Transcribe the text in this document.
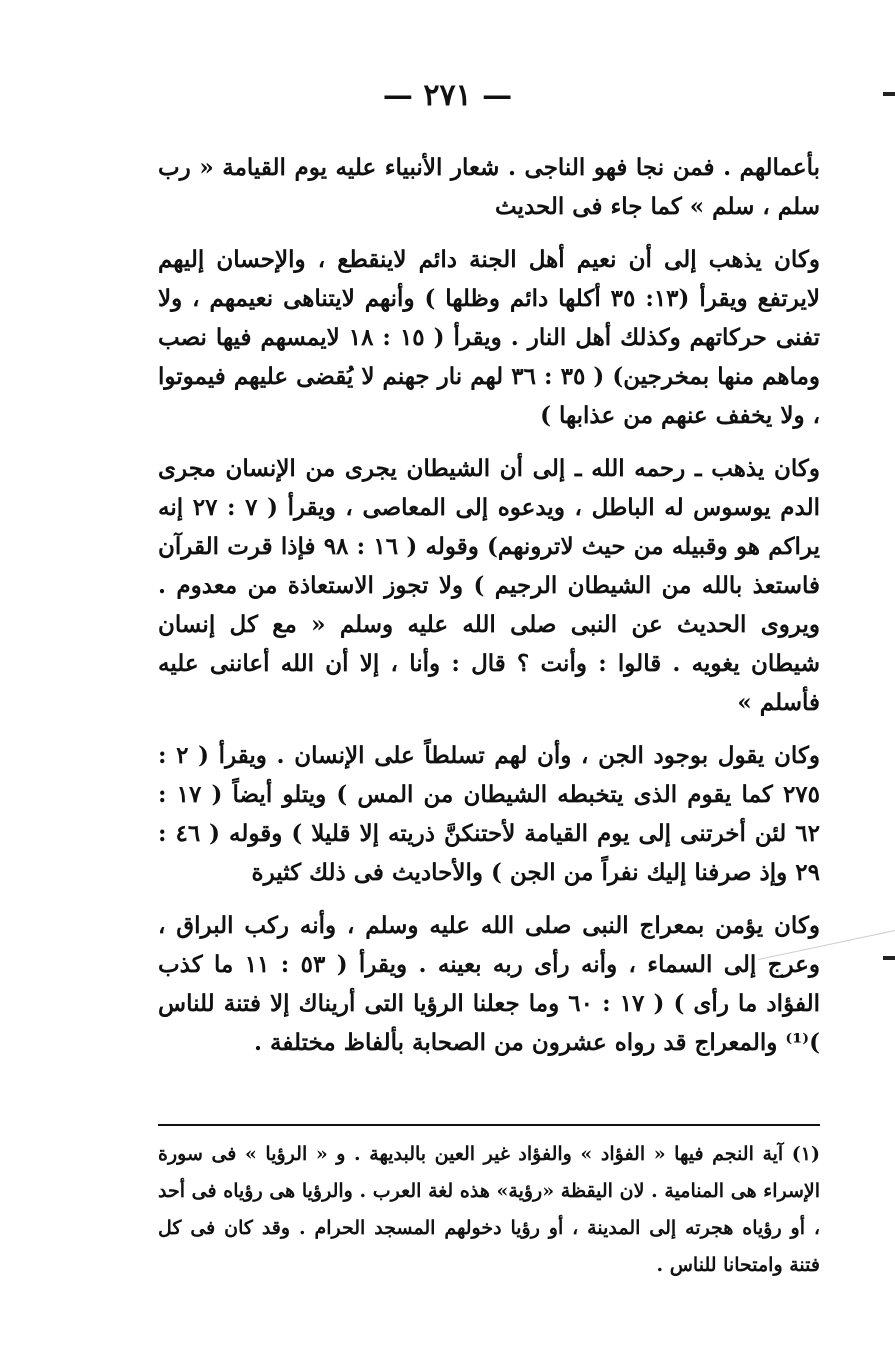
— ٢٧١ —

بأعمالهم . فمن نجا فهو الناجى . شعار الأنبياء عليه يوم القيامة « رب سلم ، سلم » كما جاء فى الحديث

وكان يذهب إلى أن نعيم أهل الجنة دائم لاينقطع ، والإحسان إليهم لايرتفع ويقرأ (١٣: ٣٥ أكلها دائم وظلها ) وأنهم لايتناهى نعيمهم ، ولا تفنى حركاتهم وكذلك أهل النار . ويقرأ ( ١٥ : ١٨ لايمسهم فيها نصب وماهم منها بمخرجين) ( ٣٥ : ٣٦ لهم نار جهنم لا يُقضى عليهم فيموتوا ، ولا يخفف عنهم من عذابها )

وكان يذهب ـ رحمه الله ـ إلى أن الشيطان يجرى من الإنسان مجرى الدم يوسوس له الباطل ، ويدعوه إلى المعاصى ، ويقرأ ( ٧ : ٢٧ إنه يراكم هو وقبيله من حيث لاترونهم) وقوله ( ١٦ : ٩٨ فإذا قرت القرآن فاستعذ بالله من الشيطان الرجيم ) ولا تجوز الاستعاذة من معدوم . ويروى الحديث عن النبى صلى الله عليه وسلم « مع كل إنسان شيطان يغويه . قالوا : وأنت ؟ قال : وأنا ، إلا أن الله أعاننى عليه فأسلم »

وكان يقول بوجود الجن ، وأن لهم تسلطاً على الإنسان . ويقرأ ( ٢ : ٢٧٥ كما يقوم الذى يتخبطه الشيطان من المس ) ويتلو أيضاً ( ١٧ : ٦٢ لئن أخرتنى إلى يوم القيامة لأحتنكنَّ ذريته إلا قليلا ) وقوله ( ٤٦ : ٢٩ وإذ صرفنا إليك نفراً من الجن ) والأحاديث فى ذلك كثيرة

وكان يؤمن بمعراج النبى صلى الله عليه وسلم ، وأنه ركب البراق ، وعرج إلى السماء ، وأنه رأى ربه بعينه . ويقرأ ( ٥٣ : ١١ ما كذب الفؤاد ما رأى ) ( ١٧ : ٦٠ وما جعلنا الرؤيا التى أريناك إلا فتنة للناس )⁽¹⁾ والمعراج قد رواه عشرون من الصحابة بألفاظ مختلفة .

(١) آية النجم فيها « الفؤاد » والفؤاد غير العين بالبديهة . و « الرؤيا » فى سورة الإسراء هى المنامية . لان اليقظة «رؤية» هذه لغة العرب . والرؤيا هى رؤياه فى أحد ، أو رؤياه هجرته إلى المدينة ، أو رؤيا دخولهم المسجد الحرام . وقد كان فى كل فتنة وامتحانا للناس .
